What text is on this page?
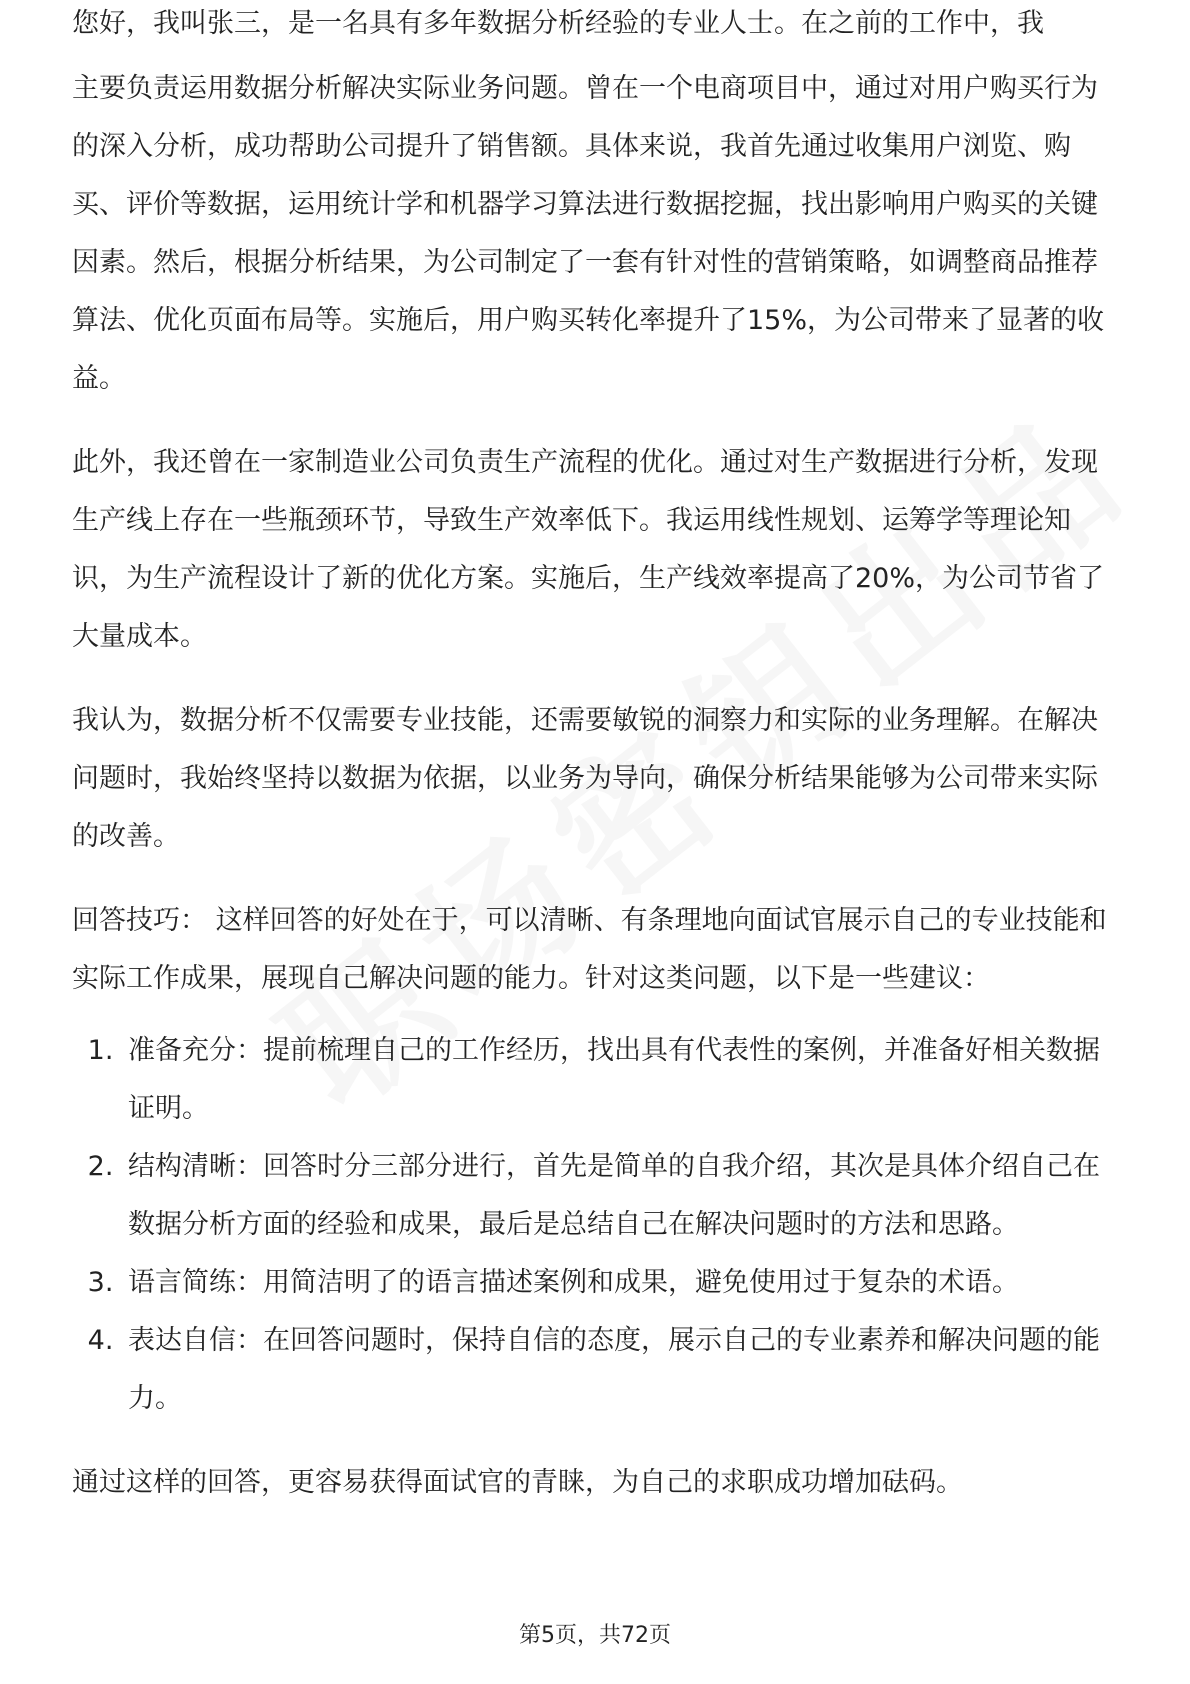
您好，我叫张三，是一名具有多年数据分析经验的专业人士。在之前的工作中，我

主要负责运用数据分析解决实际业务问题。曾在一个电商项目中，通过对用户购买行为的深入分析，成功帮助公司提升了销售额。具体来说，我首先通过收集用户浏览、购买、评价等数据，运用统计学和机器学习算法进行数据挖掘，找出影响用户购买的关键因素。然后，根据分析结果，为公司制定了一套有针对性的营销策略，如调整商品推荐算法、优化页面布局等。实施后，用户购买转化率提升了15%，为公司带来了显著的收益。

此外，我还曾在一家制造业公司负责生产流程的优化。通过对生产数据进行分析，发现生产线上存在一些瓶颈环节，导致生产效率低下。我运用线性规划、运筹学等理论知识，为生产流程设计了新的优化方案。实施后，生产线效率提高了20%，为公司节省了大量成本。

我认为，数据分析不仅需要专业技能，还需要敏锐的洞察力和实际的业务理解。在解决问题时，我始终坚持以数据为依据，以业务为导向，确保分析结果能够为公司带来实际的改善。

回答技巧： 这样回答的好处在于，可以清晰、有条理地向面试官展示自己的专业技能和实际工作成果，展现自己解决问题的能力。针对这类问题，以下是一些建议：

1. 准备充分：提前梳理自己的工作经历，找出具有代表性的案例，并准备好相关数据证明。
2. 结构清晰：回答时分三部分进行，首先是简单的自我介绍，其次是具体介绍自己在数据分析方面的经验和成果，最后是总结自己在解决问题时的方法和思路。
3. 语言简练：用简洁明了的语言描述案例和成果，避免使用过于复杂的术语。
4. 表达自信：在回答问题时，保持自信的态度，展示自己的专业素养和解决问题的能力。

通过这样的回答，更容易获得面试官的青睐，为自己的求职成功增加砝码。

第5页，共72页
